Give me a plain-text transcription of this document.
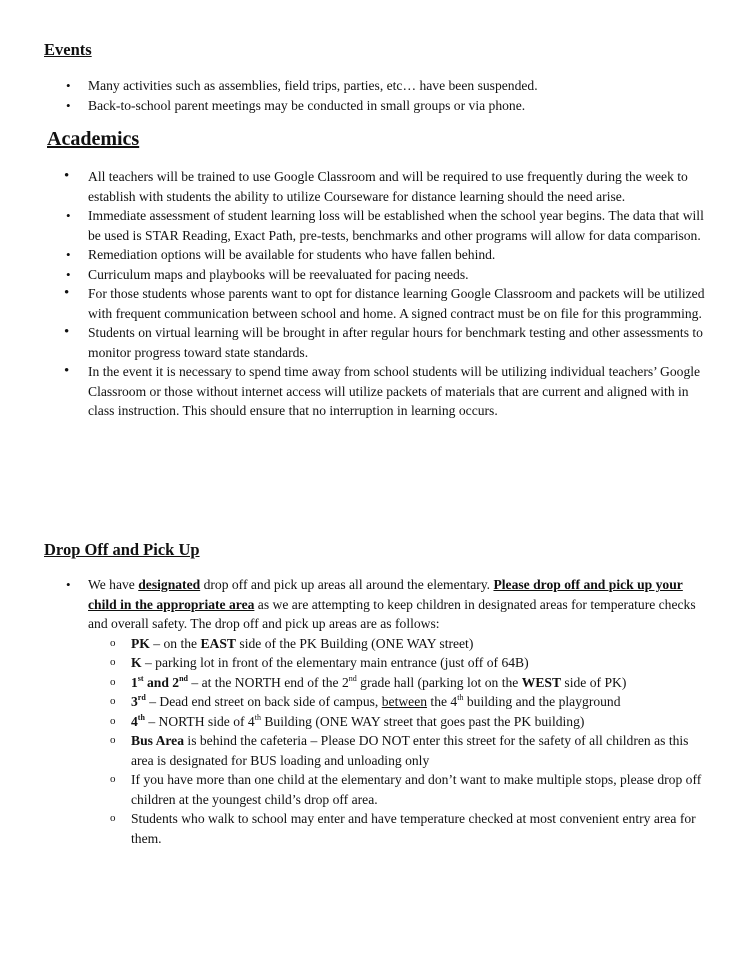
Events
• Many activities such as assemblies, field trips, parties, etc… have been suspended.
• Back-to-school parent meetings may be conducted in small groups or via phone.
Academics
• All teachers will be trained to use Google Classroom and will be required to use frequently during the week to establish with students the ability to utilize Courseware for distance learning should the need arise.
• Immediate assessment of student learning loss will be established when the school year begins. The data that will be used is STAR Reading, Exact Path, pre-tests, benchmarks and other programs will allow for data comparison.
• Remediation options will be available for students who have fallen behind.
• Curriculum maps and playbooks will be reevaluated for pacing needs.
• For those students whose parents want to opt for distance learning Google Classroom and packets will be utilized with frequent communication between school and home. A signed contract must be on file for this programming.
• Students on virtual learning will be brought in after regular hours for benchmark testing and other assessments to monitor progress toward state standards.
• In the event it is necessary to spend time away from school students will be utilizing individual teachers’ Google Classroom or those without internet access will utilize packets of materials that are current and aligned with in class instruction. This should ensure that no interruption in learning occurs.
Drop Off and Pick Up
• We have designated drop off and pick up areas all around the elementary. Please drop off and pick up your child in the appropriate area as we are attempting to keep children in designated areas for temperature checks and overall safety. The drop off and pick up areas are as follows:
o PK – on the EAST side of the PK Building (ONE WAY street)
o K – parking lot in front of the elementary main entrance (just off of 64B)
o 1st and 2nd – at the NORTH end of the 2nd grade hall (parking lot on the WEST side of PK)
o 3rd – Dead end street on back side of campus, between the 4th building and the playground
o 4th – NORTH side of 4th Building (ONE WAY street that goes past the PK building)
o Bus Area is behind the cafeteria – Please DO NOT enter this street for the safety of all children as this area is designated for BUS loading and unloading only
o If you have more than one child at the elementary and don’t want to make multiple stops, please drop off children at the youngest child’s drop off area.
o Students who walk to school may enter and have temperature checked at most convenient entry area for them.
